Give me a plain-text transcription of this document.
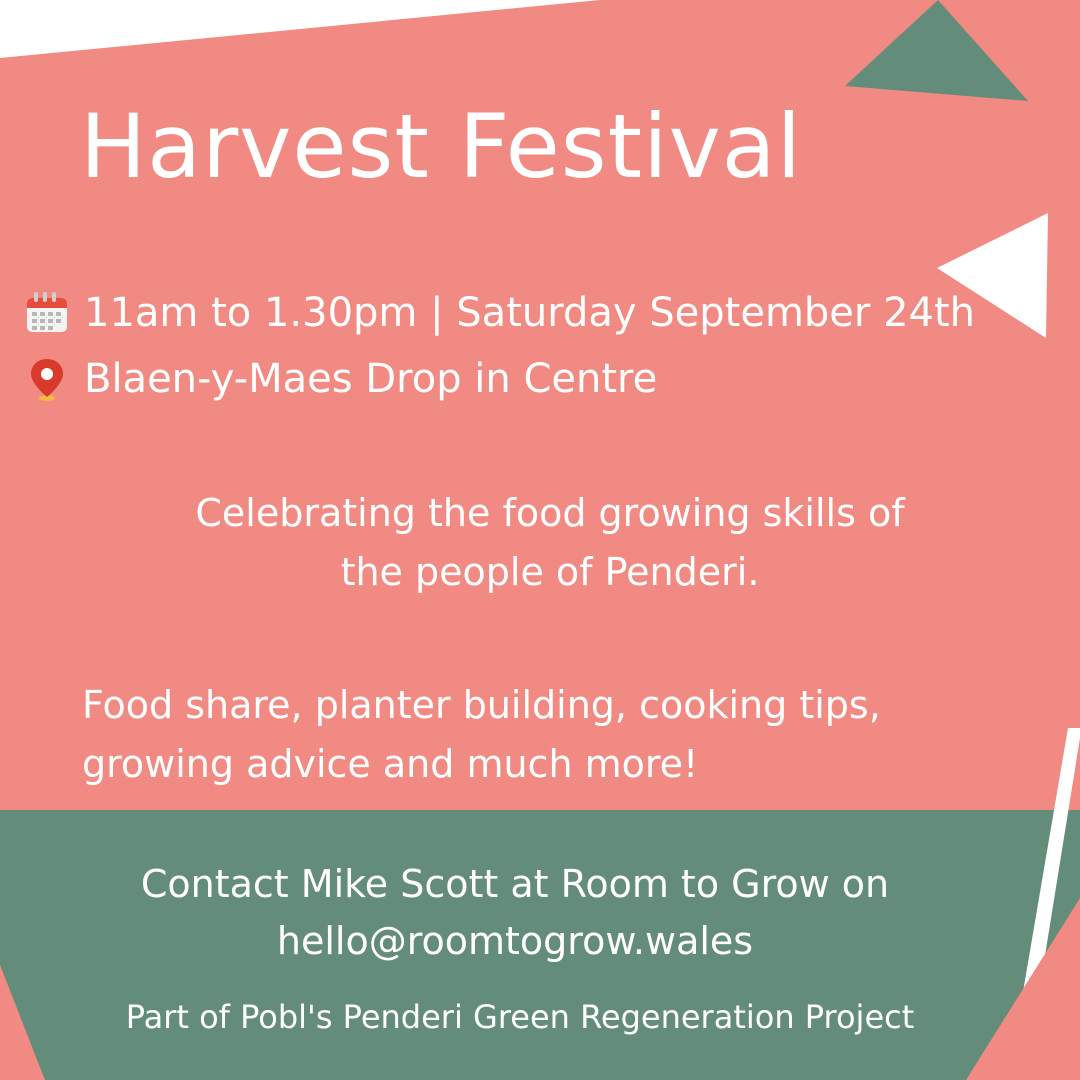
Harvest Festival
11am to 1.30pm | Saturday September 24th
Blaen-y-Maes Drop in Centre
Celebrating the food growing skills of
the people of Penderi.
Food share, planter building, cooking tips,
growing advice and much more!
Contact Mike Scott at Room to Grow on
hello@roomtogrow.wales
Part of Pobl's Penderi Green Regeneration Project
